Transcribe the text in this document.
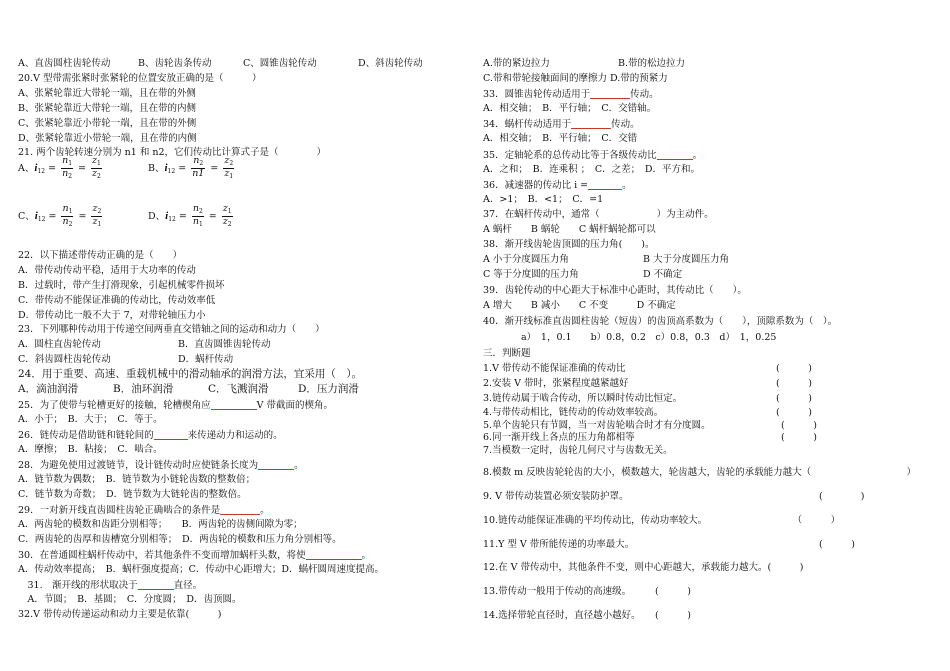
A、直齿圆柱齿轮传动	B、齿轮齿条传动	C、圆锥齿轮传动	D、斜齿轮传动
20.V 型带需张紧时张紧轮的位置安放正确的是（　　　）
A、张紧轮靠近大带轮一端，且在带的外侧
B、张紧轮靠近大带轮一端，且在带的内侧
C、张紧轮靠近小带轮一端，且在带的外侧
D、张紧轮靠近小带轮一端，且在带的内侧
21. 两个齿轮转速分别为 n1 和 n2，它们传动比计算式子是（　　　　）
22．以下描述带传动正确的是（　　）
A．带传动传动平稳，适用于大功率的传动
B．过载时，带产生打滑现象，引起机械零件损坏
C．带传动不能保证准确的传动比，传动效率低
D．带传动比一般不大于 7，对带轮轴压力小
23．下列哪种传动用于传递空间两垂直交错轴之间的运动和动力（　　）
A．圆柱直齿轮传动	B．直齿圆锥齿轮传动
C．斜齿圆柱齿轮传动	D．蜗杆传动
24．用于重要、高速、重载机械中的滑动轴承的润滑方法，宜采用（　）。
A．滴油润滑	B．油环润滑	C．飞溅润滑	D．压力润滑
25．为了使带与轮槽更好的接触，轮槽楔角应	V 带截面的楔角。
A．小于；　B．大于；　C．等于。
26．链传动是借助链和链轮间的	来传递动力和运动的。
A．摩擦；　B．粘接；　C．啮合。
28．为避免使用过渡链节，设计链传动时应使链条长度为	。
A．链节数为偶数；　B．链节数为小链轮齿数的整数倍；
C．链节数为奇数；　D．链节数为大链轮齿的整数倍。
29．一对新开线直齿圆柱齿轮正确啮合的条件是	。
A．两齿轮的模数和齿距分别相等；　　B．两齿轮的齿侧间隙为零；
C．两齿轮的齿厚和齿槽宽分别相等；　D．两齿轮的模数和压力角分别相等。
30．在普通圆柱蜗杆传动中，若其他条件不变而增加蜗杆头数，将使	。
A．传动效率提高；　B．蜗杆强度提高；C．传动中心距增大；D．蜗杆圆周速度提高。
　31.　渐开线的形状取决于	直径。
　A．节圆；　B．基圆；　C．分度圆；　D．齿顶圆。
32.V 带传动传递运动和动力主要是依靠(　　　)
A、$i_{12} = \frac{n_1}{n_2} = \frac{z_1}{z_2}$	B、$i_{12} = \frac{n_2}{n1} = \frac{z_2}{z_1}$
C、$i_{12} = \frac{n_1}{n_2} = \frac{z_2}{z_1}$	D、$i_{12} = \frac{n_2}{n_1} = \frac{z_1}{z_2}$
A.带的紧边拉力	B.带的松边拉力
C.带和带轮接触面间的摩擦力 D.带的预紧力
33．圆锥齿轮传动适用于	传动。
A．相交轴；　B．平行轴；　C．交错轴。
34．蜗杆传动适用于	传动。
A．相交轴；　B．平行轴；　C．交错
35．定轴轮系的总传动比等于各级传动比	。
A．之和；　B．连乘积 ；　C．之差；　D．平方和。
36．减速器的传动比 i =	。
A．>1；　B．<1；　C．=1
37．在蜗杆传动中，通常（　　　　　　）为主动件。
A 蜗杆　　B 蜗轮　　C 蜗杆蜗轮都可以
38．渐开线齿轮齿顶圆的压力角(　　)。
A 小于分度圆压力角	B 大于分度圆压力角
C 等于分度圆的压力角	D 不确定
39．齿轮传动的中心距大于标准中心距时，其传动比（　　）。
A 增大　　B 减小　　C 不变　　　D 不确定
40．渐开线标准直齿圆柱齿轮（短齿）的齿顶高系数为（　　），顶隙系数为（　）。
　　　　a）　1，0.1　　b）0.8，0.2　c）0.8，0.3　d）　1，0.25
三．判断题
1.V 带传动不能保证准确的传动比	(　　　)
2.安装 V 带时，张紧程度越紧越好	(　　　)
3.链传动属于啮合传动，所以瞬时传动比恒定。	(　　　)
4.与带传动相比，链传动的传动效率较高。	(　　　)
5.单个齿轮只有节圆，当一对齿轮啮合时才有分度圆。	(　　　)
6.同一渐开线上各点的压力角都相等	(　　　)
7.当模数一定时，齿轮几何尺寸与齿数无关。
8.模数 m 反映齿轮轮齿的大小，模数越大，轮齿越大，齿轮的承载能力越大（	　　　）
9. V 带传动装置必须安装防护罩。	(　　　　)
10.链传动能保证准确的平均传动比，传动功率较大。　　　　　　　　　　（　　　）
11.Y 型 V 带所能传递的功率最大。	(　　　)
12.在 V 带传动中，其他条件不变，则中心距越大，承载能力越大。(　　　)
13.带传动一般用于传动的高速级。	(　　　)
14.选择带轮直径时，直径越小越好。 (　　　)
